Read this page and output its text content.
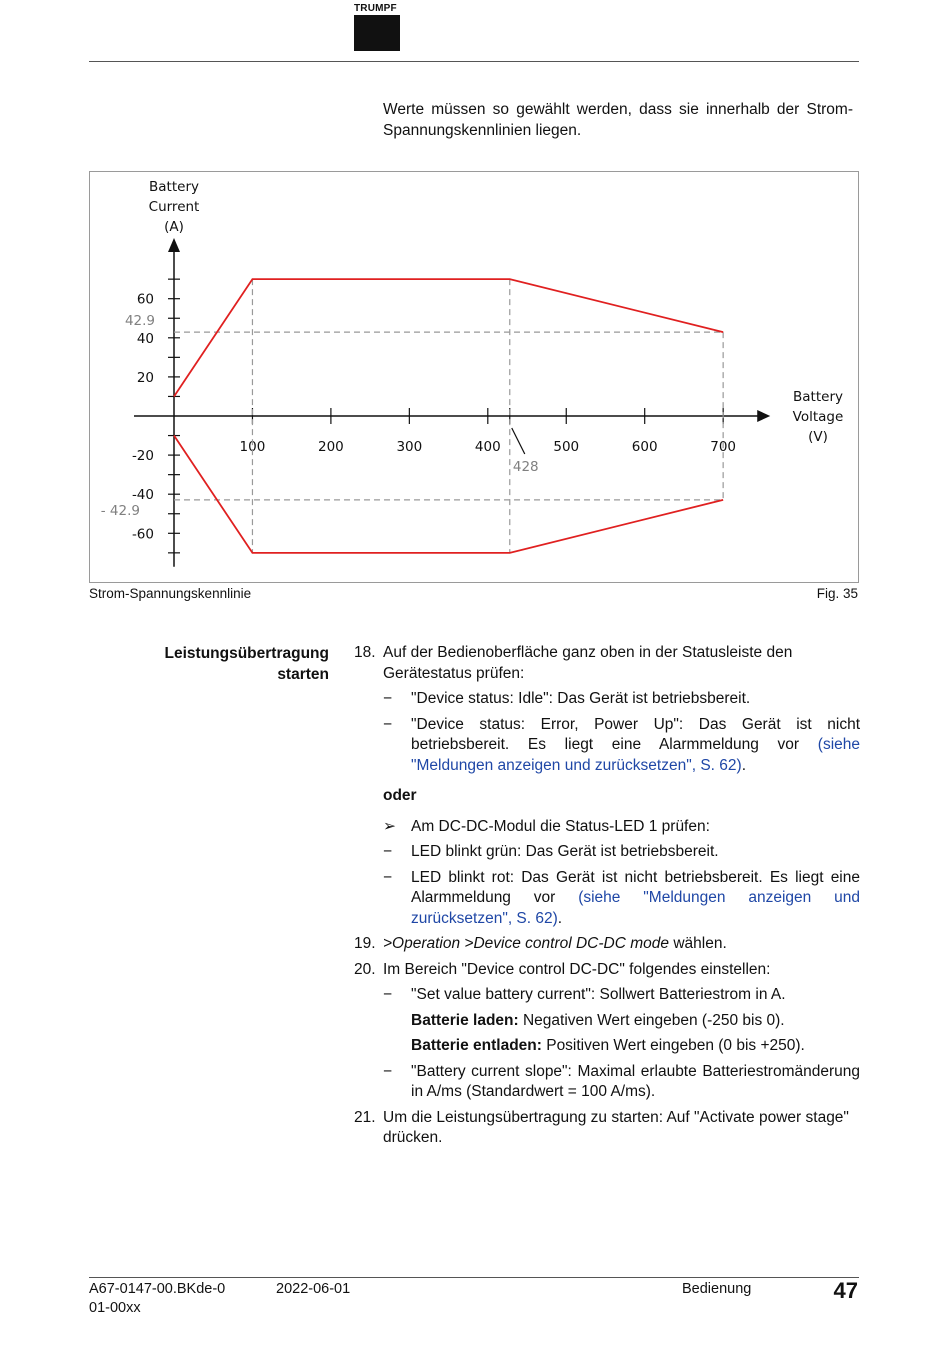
TRUMPF
Werte müssen so gewählt werden, dass sie innerhalb der Strom-Spannungskennlinien liegen.
100	200	300	400	500	600	700
60
40
20
-20
-40
-60
42.9
- 42.9
428
Battery
Current
(A)
Battery
Voltage
(V)
Strom-Spannungskennlinie	Fig. 35
Leistungsübertragung
starten
18. Auf der Bedienoberfläche ganz oben in der Statusleiste den Gerätestatus prüfen:
− "Device status: Idle": Das Gerät ist betriebsbereit.
− "Device status: Error, Power Up": Das Gerät ist nicht betriebsbereit. Es liegt eine Alarmmeldung vor (siehe "Meldungen anzeigen und zurücksetzen", S. 62).
oder
➢ Am DC-DC-Modul die Status-LED 1 prüfen:
− LED blinkt grün: Das Gerät ist betriebsbereit.
− LED blinkt rot: Das Gerät ist nicht betriebsbereit. Es liegt eine Alarmmeldung vor (siehe "Meldungen anzeigen und zurücksetzen", S. 62).
19. >Operation >Device control DC-DC mode wählen.
20. Im Bereich "Device control DC-DC" folgendes einstellen:
− "Set value battery current": Sollwert Batteriestrom in A.
Batterie laden: Negativen Wert eingeben (-250 bis 0).
Batterie entladen: Positiven Wert eingeben (0 bis +250).
− "Battery current slope": Maximal erlaubte Batteriestromänderung in A/ms (Standardwert = 100 A/ms).
21. Um die Leistungsübertragung zu starten: Auf "Activate power stage" drücken.
A67-0147-00.BKde-0
01-00xx
2022-06-01	Bedienung	47
